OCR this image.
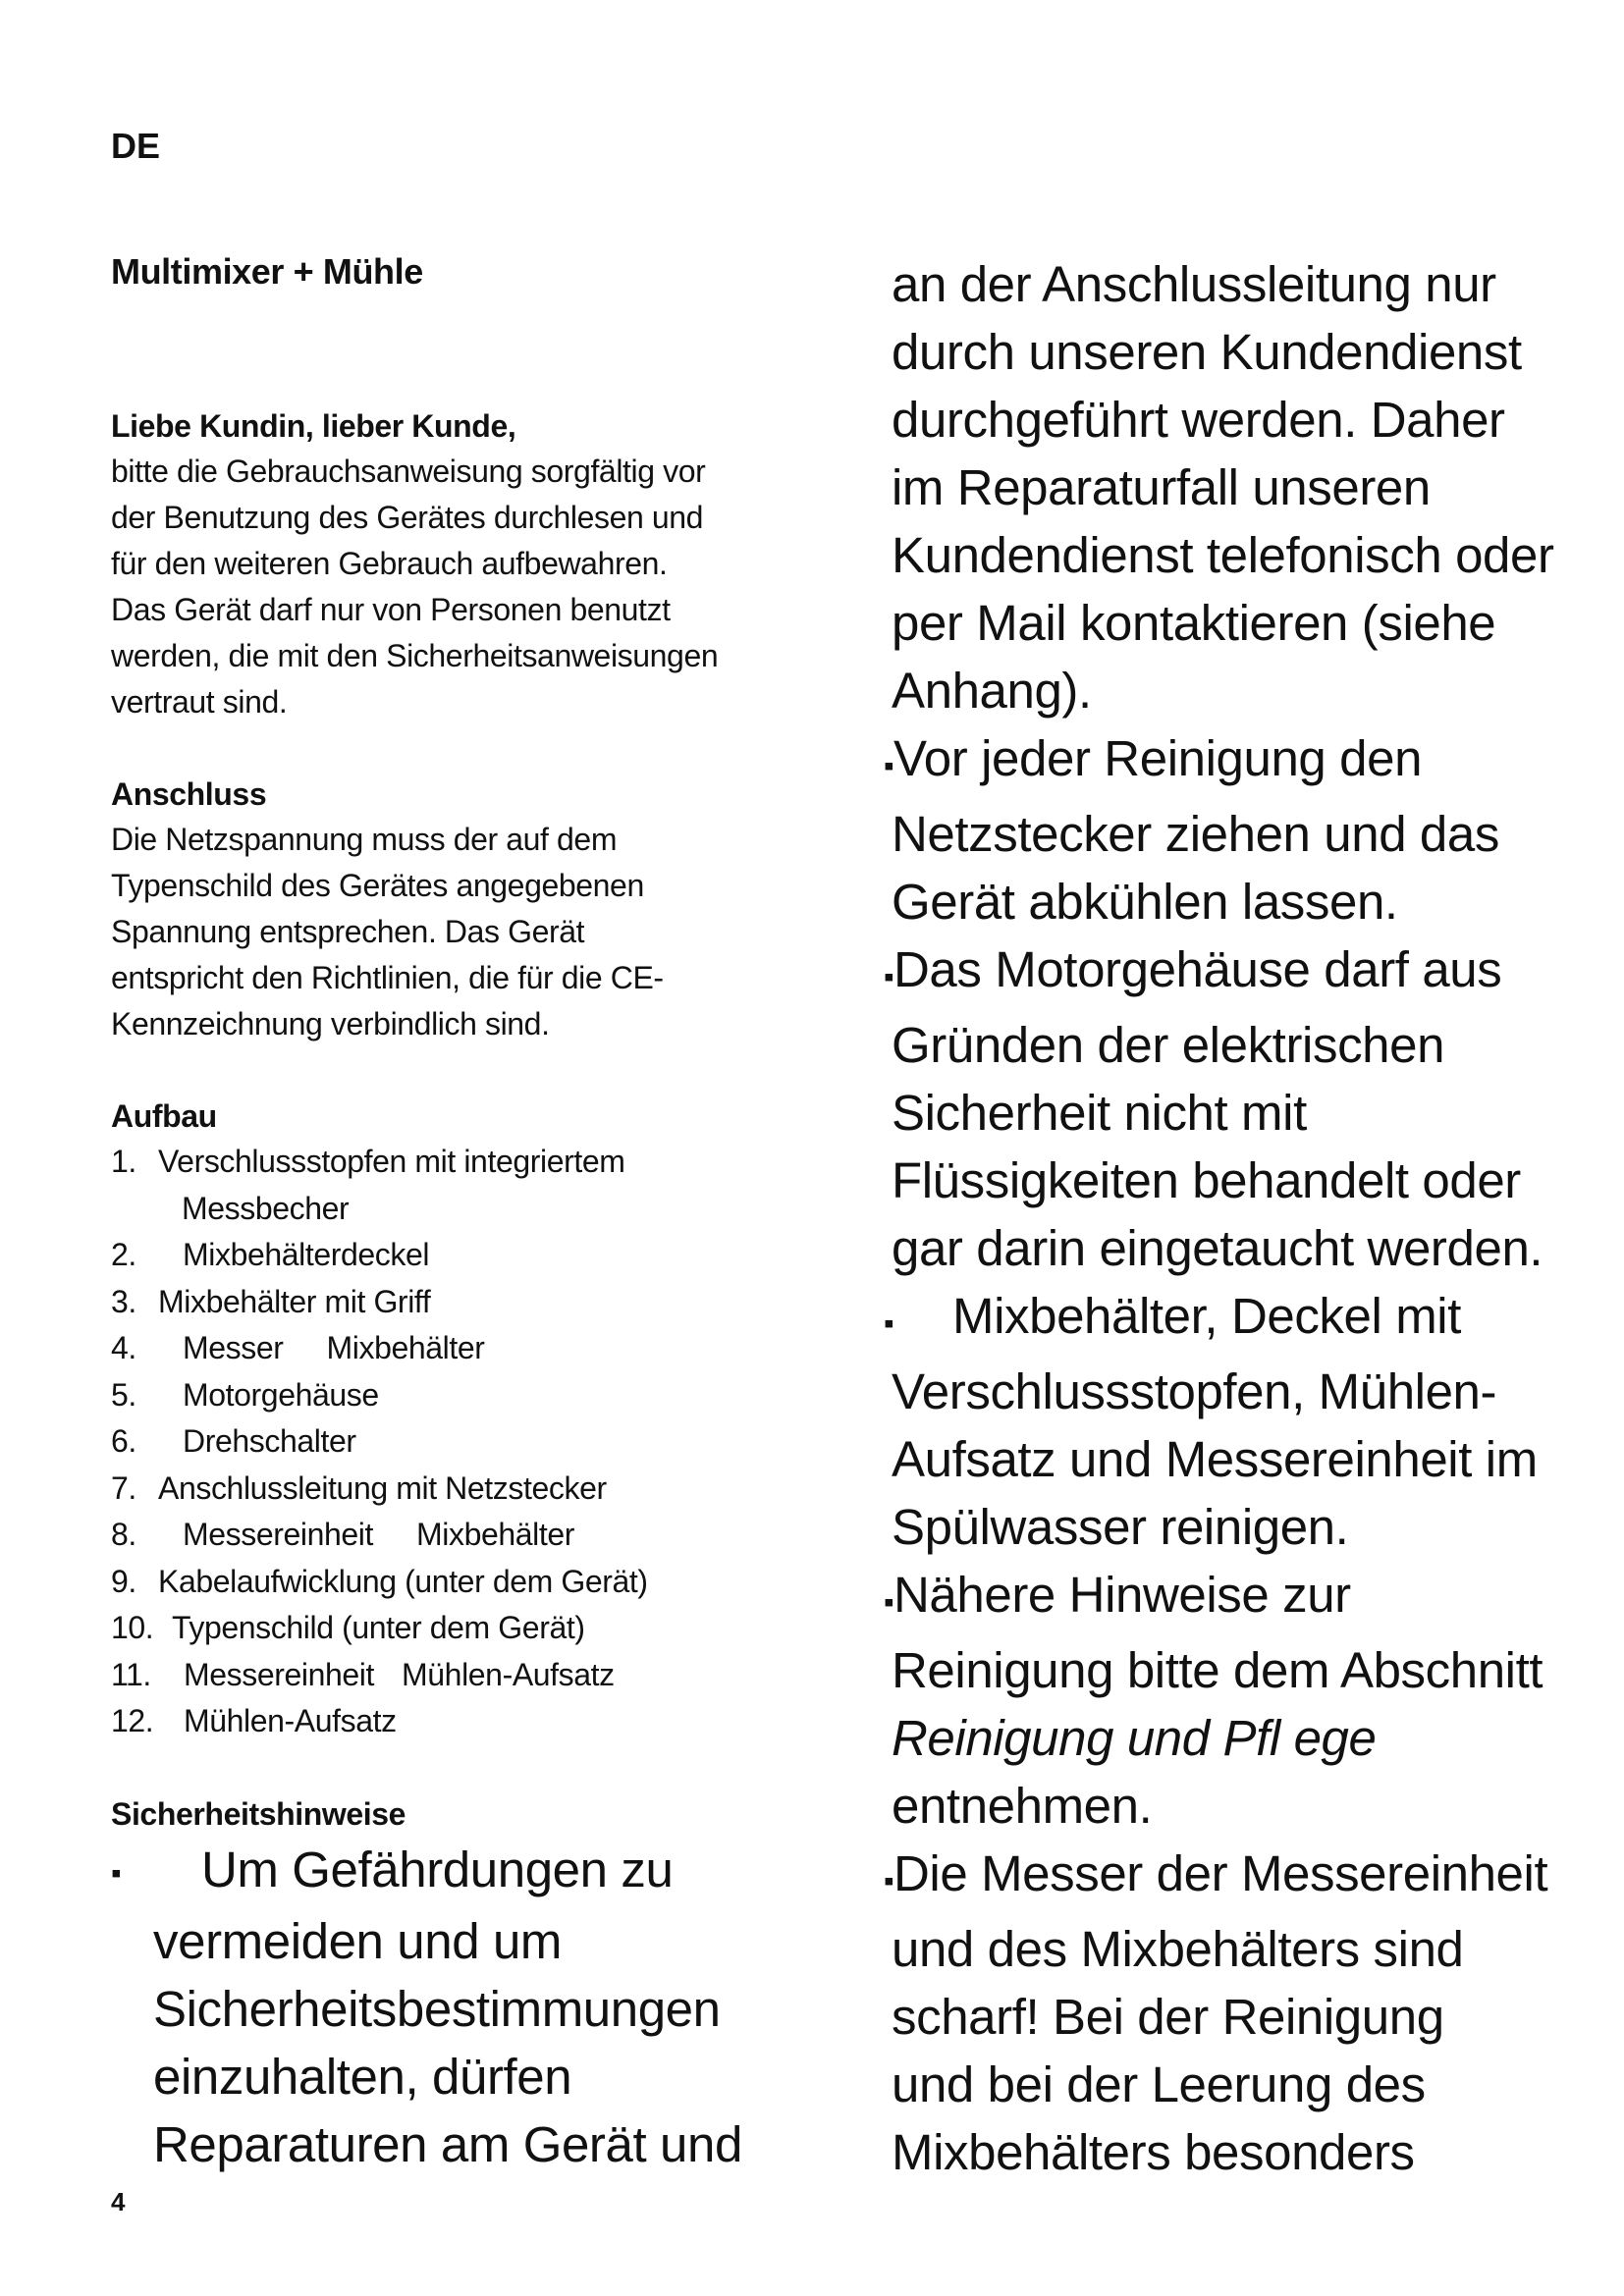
DE
Multimixer + Mühle

Liebe Kundin, lieber Kunde,

bitte die Gebrauchsanweisung sorgfältig vor

der Benutzung des Gerätes durchlesen und

für den weiteren Gebrauch aufbewahren.

Das Gerät darf nur von Personen benutzt

werden, die mit den Sicherheitsanweisungen

vertraut sind.

Anschluss

Die Netzspannung muss der auf dem

Typenschild des Gerätes angegebenen

Spannung entsprechen. Das Gerät

entspricht den Richtlinien, die für die CE-

Kennzeichnung verbindlich sind.

Aufbau

1. Verschlussstopfen mit integriertem
Messbecher
2.	Mixbehälterdeckel
3. Mixbehälter mit Griff
4.	Messer Mixbehälter
5.	Motorgehäuse
6.	Drehschalter
7. Anschlussleitung mit Netzstecker
8.	Messereinheit Mixbehälter
9. Kabelaufwicklung (unter dem Gerät)
10. Typenschild (unter dem Gerät)
11.	Messereinheit Mühlen-Aufsatz
12. Mühlen-Aufsatz

Sicherheitshinweise

▪ Um Gefährdungen zu

vermeiden und um

Sicherheitsbestimmungen

einzuhalten, dürfen

Reparaturen am Gerät und

an der Anschlussleitung nur

durch unseren Kundendienst

durchgeführt werden. Daher

im Reparaturfall unseren

Kundendienst telefonisch oder

per Mail kontaktieren (siehe

Anhang).

▪Vor jeder Reinigung den

Netzstecker ziehen und das

Gerät abkühlen lassen.

▪Das Motorgehäuse darf aus

Gründen der elektrischen

Sicherheit nicht mit

Flüssigkeiten behandelt oder

gar darin eingetaucht werden.

▪ Mixbehälter, Deckel mit

Verschlussstopfen, Mühlen-

Aufsatz und Messereinheit im

Spülwasser reinigen.

▪Nähere Hinweise zur

Reinigung bitte dem Abschnitt

Reinigung und Pfl ege

entnehmen.

▪Die Messer der Messereinheit

und des Mixbehälters sind

scharf! Bei der Reinigung

und bei der Leerung des

Mixbehälters besonders

4
